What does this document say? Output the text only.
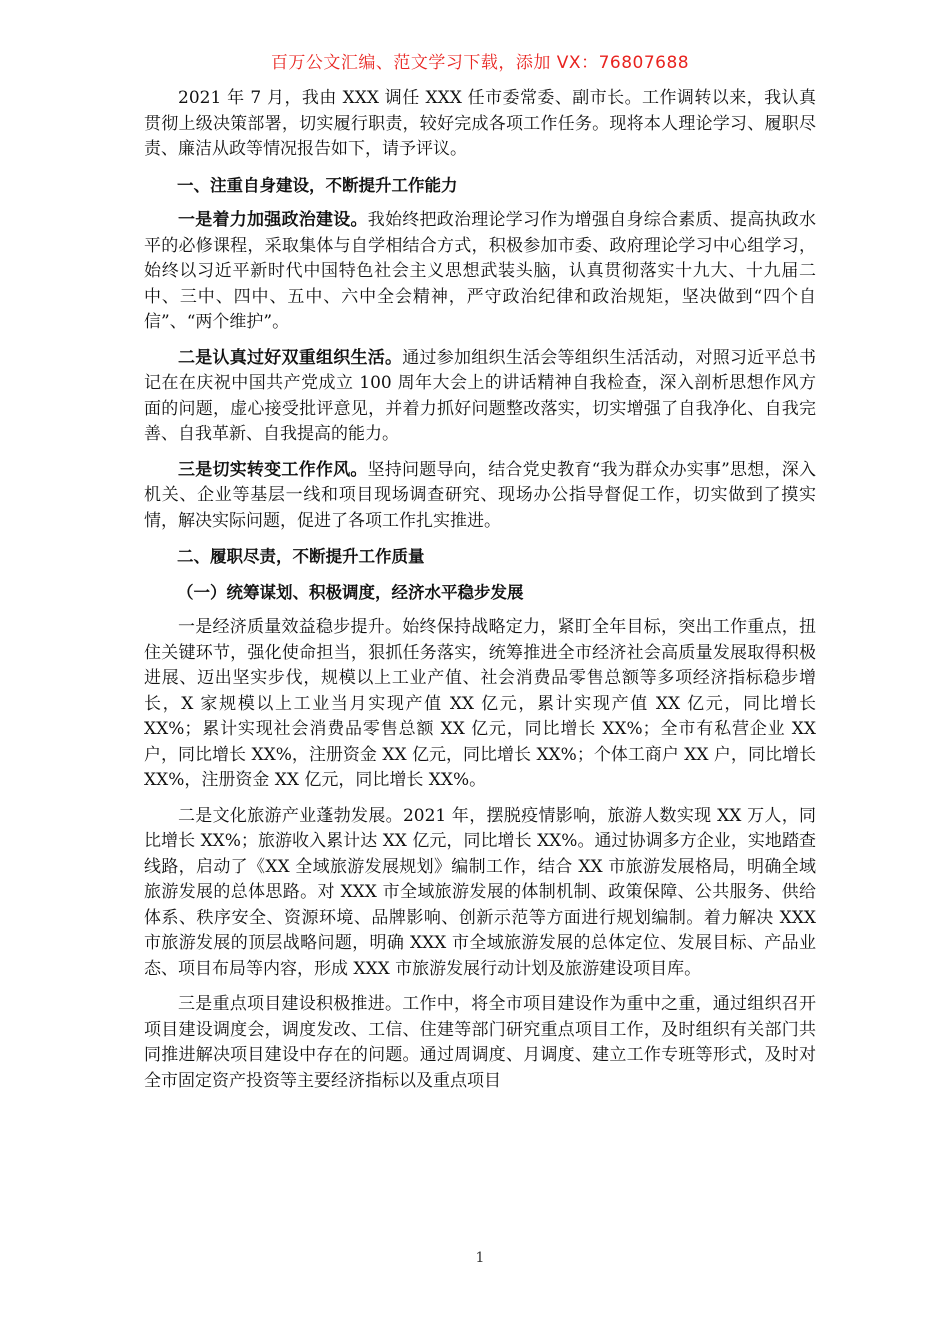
百万公文汇编、范文学习下载，添加 VX：76807688

2021 年 7 月，我由 XXX 调任 XXX 任市委常委、副市长。工作调转以来，我认真贯彻上级决策部署，切实履行职责，较好完成各项工作任务。现将本人理论学习、履职尽责、廉洁从政等情况报告如下，请予评议。

一、注重自身建设，不断提升工作能力

一是着力加强政治建设。我始终把政治理论学习作为增强自身综合素质、提高执政水平的必修课程，采取集体与自学相结合方式，积极参加市委、政府理论学习中心组学习，始终以习近平新时代中国特色社会主义思想武装头脑，认真贯彻落实十九大、十九届二中、三中、四中、五中、六中全会精神，严守政治纪律和政治规矩，坚决做到“四个自信”、“两个维护”。

二是认真过好双重组织生活。通过参加组织生活会等组织生活活动，对照习近平总书记在在庆祝中国共产党成立 100 周年大会上的讲话精神自我检查，深入剖析思想作风方面的问题，虚心接受批评意见，并着力抓好问题整改落实，切实增强了自我净化、自我完善、自我革新、自我提高的能力。

三是切实转变工作作风。坚持问题导向，结合党史教育“我为群众办实事”思想，深入机关、企业等基层一线和项目现场调查研究、现场办公指导督促工作，切实做到了摸实情，解决实际问题，促进了各项工作扎实推进。

二、履职尽责，不断提升工作质量

（一）统筹谋划、积极调度，经济水平稳步发展

一是经济质量效益稳步提升。始终保持战略定力，紧盯全年目标，突出工作重点，扭住关键环节，强化使命担当，狠抓任务落实，统筹推进全市经济社会高质量发展取得积极进展、迈出坚实步伐，规模以上工业产值、社会消费品零售总额等多项经济指标稳步增长，X 家规模以上工业当月实现产值 XX 亿元，累计实现产值 XX 亿元，同比增长 XX%；累计实现社会消费品零售总额 XX 亿元，同比增长 XX%；全市有私营企业 XX 户，同比增长 XX%，注册资金 XX 亿元，同比增长 XX%；个体工商户 XX 户，同比增长 XX%，注册资金 XX 亿元，同比增长 XX%。

二是文化旅游产业蓬勃发展。2021 年，摆脱疫情影响，旅游人数实现 XX 万人，同比增长 XX%；旅游收入累计达 XX 亿元，同比增长 XX%。通过协调多方企业，实地踏查线路，启动了《XX 全域旅游发展规划》编制工作，结合 XX 市旅游发展格局，明确全域旅游发展的总体思路。对 XXX 市全域旅游发展的体制机制、政策保障、公共服务、供给体系、秩序安全、资源环境、品牌影响、创新示范等方面进行规划编制。着力解决 XXX 市旅游发展的顶层战略问题，明确 XXX 市全域旅游发展的总体定位、发展目标、产品业态、项目布局等内容，形成 XXX 市旅游发展行动计划及旅游建设项目库。

三是重点项目建设积极推进。工作中，将全市项目建设作为重中之重，通过组织召开项目建设调度会，调度发改、工信、住建等部门研究重点项目工作，及时组织有关部门共同推进解决项目建设中存在的问题。通过周调度、月调度、建立工作专班等形式，及时对全市固定资产投资等主要经济指标以及重点项目

1
